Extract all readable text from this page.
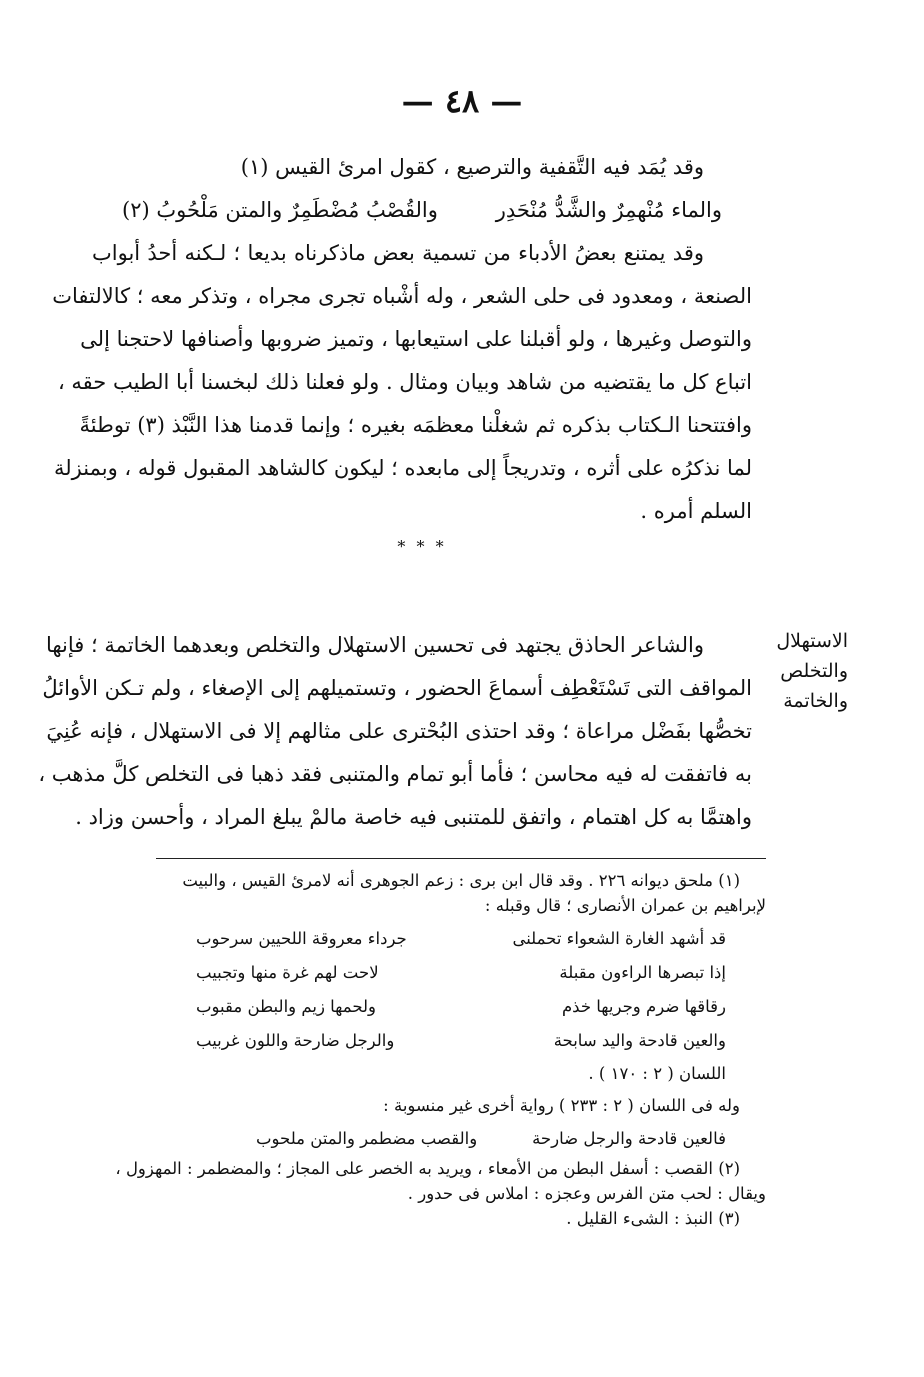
— ٤٨ —
وقد يُمَد فيه التَّقفية والترصيع ، كقول امرئ القيس (١)
والماء مُنْهمِرٌ والشَّدُّ مُنْحَدِر
والقُصْبُ مُضْطَمِرٌ والمتن مَلْحُوبُ (٢)
وقد يمتنع بعضُ الأدباء من تسمية بعض ماذكرناه بديعا ؛ لـكنه أحدُ أبواب
الصنعة ، ومعدود فى حلى الشعر ، وله أشْباه تجرى مجراه ، وتذكر معه ؛ كالالتفات
والتوصل وغيرها ، ولو أقبلنا على استيعابها ، وتميز ضروبها وأصنافها لاحتجنا إلى
اتباع كل ما يقتضيه من شاهد وبيان ومثال . ولو فعلنا ذلك لبخسنا أبا الطيب حقه ،
وافتتحنا الـكتاب بذكره ثم شغلْنا معظمَه بغيره ؛ وإنما قدمنا هذا النَّبْذ (٣) توطئةً
لما نذكرُه على أثره ، وتدريجاً إلى مابعده ؛ ليكون كالشاهد المقبول قوله ، وبمنزلة
السلم أمره .
* * *
الاستهلال
والتخلص
والخاتمة
والشاعر الحاذق يجتهد فى تحسين الاستهلال والتخلص وبعدهما الخاتمة ؛ فإنها
المواقف التى تَسْتَعْطِف أسماعَ الحضور ، وتستميلهم إلى الإصغاء ، ولم تـكن الأوائلُ
تخصُّها بفَضْل مراعاة ؛ وقد احتذى البُحْترى على مثالهم إلا فى الاستهلال ، فإنه عُنِيَ
به فاتفقت له فيه محاسن ؛ فأما أبو تمام والمتنبى فقد ذهبا فى التخلص كلَّ مذهب ،
واهتمَّا به كل اهتمام ، واتفق للمتنبى فيه خاصة مالمْ يبلغ المراد ، وأحسن وزاد .
(١) ملحق ديوانه ٢٢٦ . وقد قال ابن برى : زعم الجوهرى أنه لامرئ القيس ، والبيت
لإبراهيم بن عمران الأنصارى ؛ قال وقبله :
قد أشهد الغارة الشعواء تحملنى
جرداء معروقة اللحيين سرحوب
إذا تبصرها الراءون مقبلة
لاحت لهم غرة منها وتجبيب
رقاقها ضرم وجريها خذم
ولحمها زيم والبطن مقبوب
والعين قادحة واليد سابحة
والرجل ضارحة واللون غربيب
اللسان ( ٢ : ١٧٠ ) .
وله فى اللسان ( ٢ : ٢٣٣ ) رواية أخرى غير منسوبة :
فالعين قادحة والرجل ضارحة
والقصب مضطمر والمتن ملحوب
(٢) القصب : أسفل البطن من الأمعاء ، ويريد به الخصر على المجاز ؛ والمضطمر : المهزول ،
ويقال : لحب متن الفرس وعجزه : املاس فى حدور .
(٣) النبذ : الشىء القليل .
